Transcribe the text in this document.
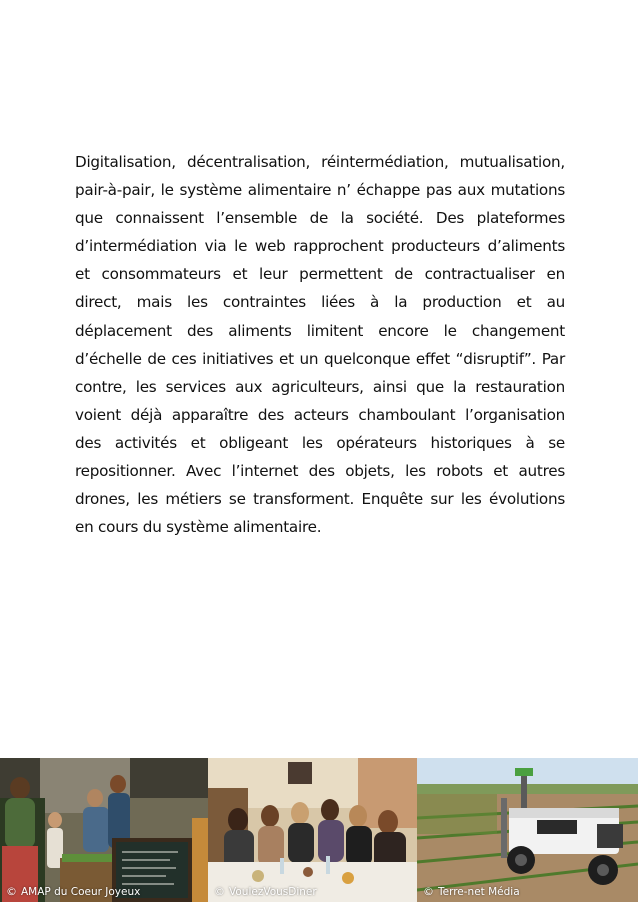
Digitalisation, décentralisation, réintermédiation, mutualisation, pair-à-pair, le système alimentaire n’ échappe pas aux mutations que connaissent l’ensemble de la société. Des plateformes d’intermédiation via le web rapprochent producteurs d’aliments et consommateurs et leur permettent de contractualiser en direct, mais les contraintes liées à la production et au déplacement des aliments limitent encore le changement d’échelle de ces initiatives et un quelconque effet “disruptif”. Par contre, les services aux agriculteurs, ainsi que la restauration voient déjà apparaître des acteurs chamboulant l’organisation des activités et obligeant les opérateurs historiques à se repositionner. Avec l’internet des objets, les robots et autres drones, les métiers se transforment. Enquête sur les évolutions en cours du système alimentaire.

© AMAP du Coeur Joyeux	© VoulezVousDiner	© Terre-net Média
